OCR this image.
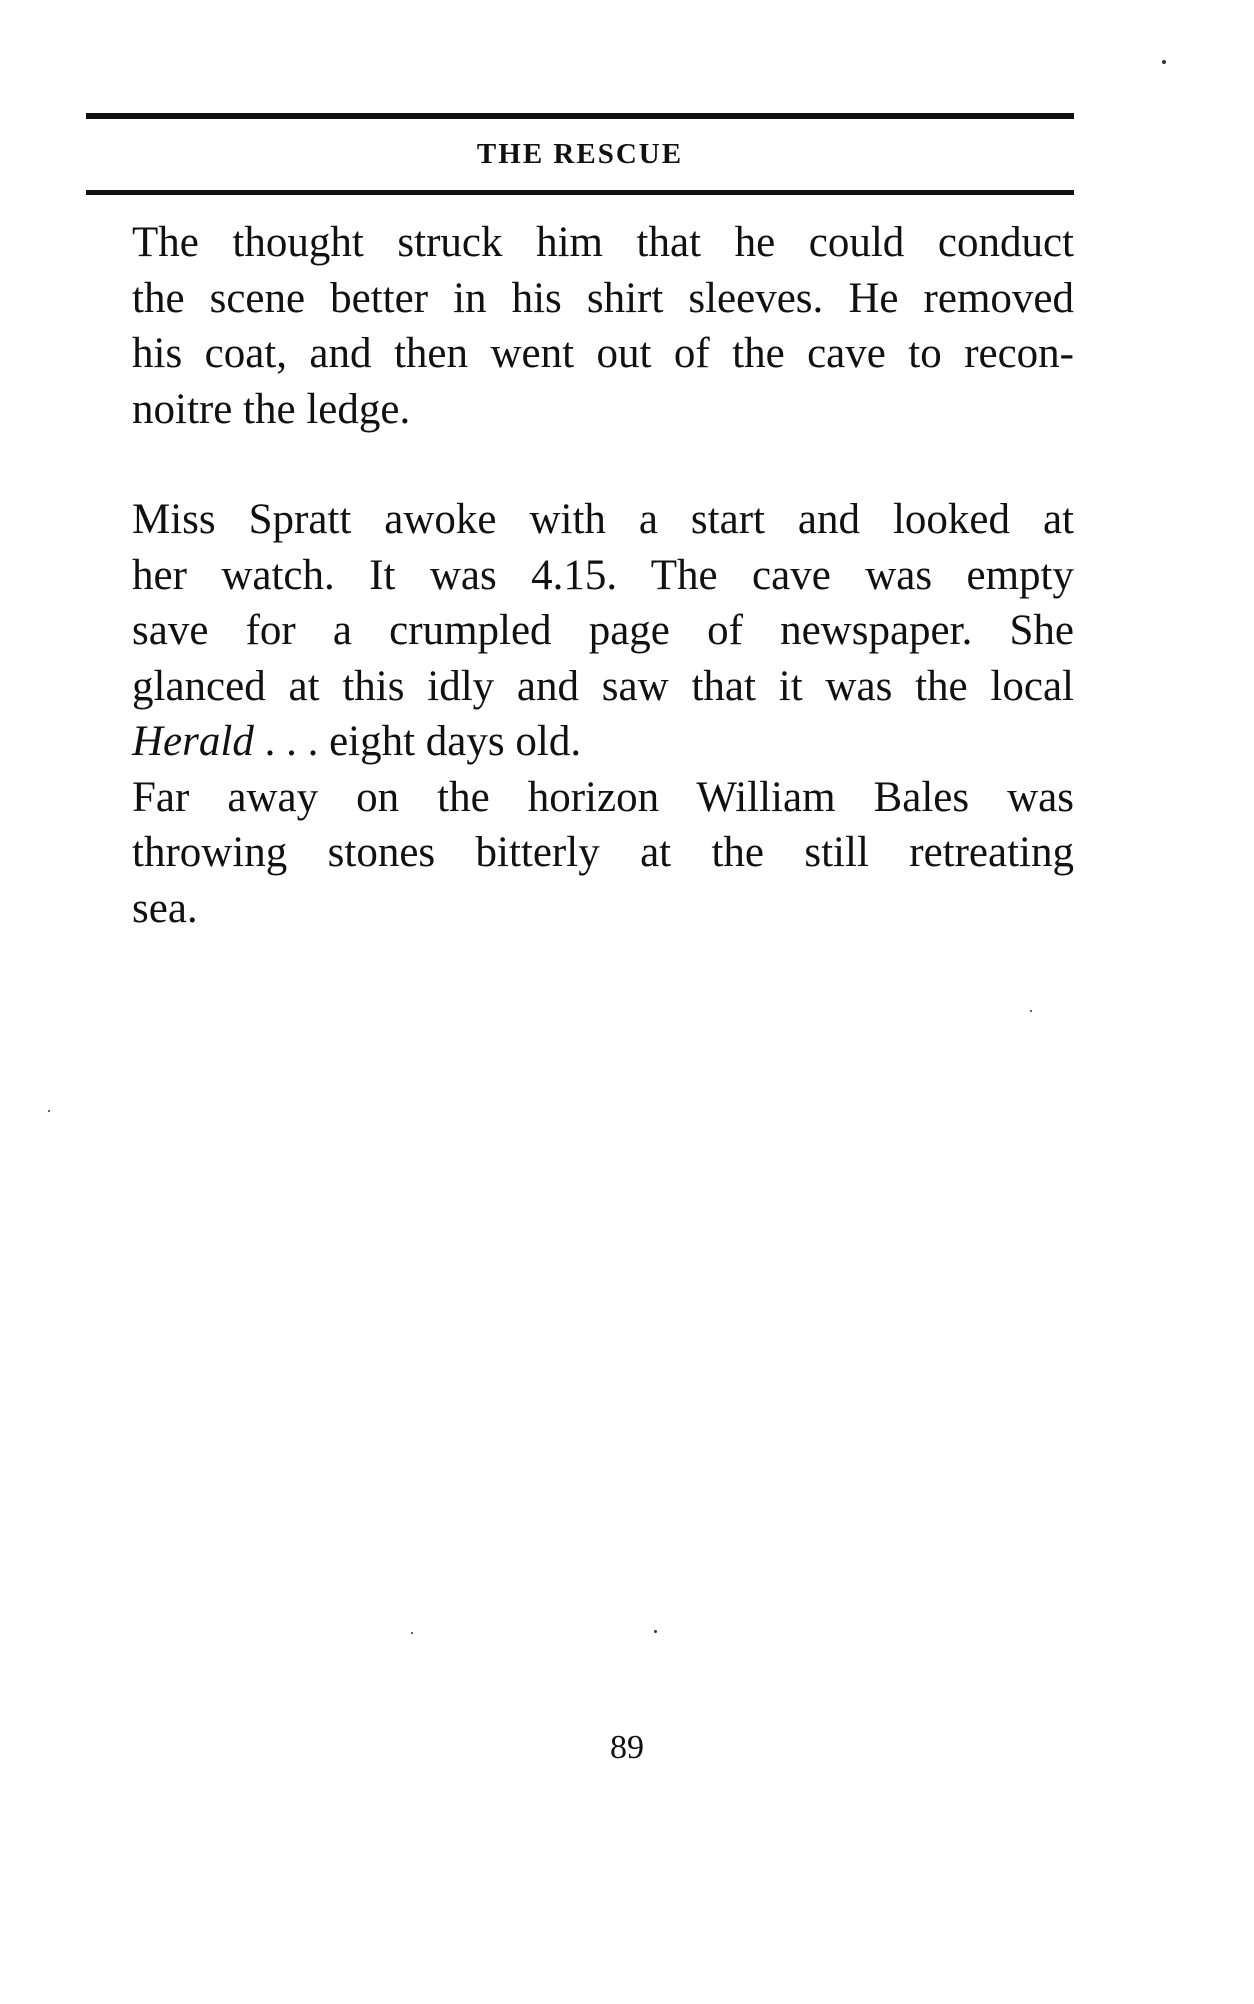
THE RESCUE

The thought struck him that he could conduct
the scene better in his shirt sleeves. He removed
his coat, and then went out of the cave to recon-
noitre the ledge.

Miss Spratt awoke with a start and looked at
her watch. It was 4.15. The cave was empty
save for a crumpled page of newspaper. She
glanced at this idly and saw that it was the local
Herald . . . eight days old.

Far away on the horizon William Bales was
throwing stones bitterly at the still retreating
sea.

89
